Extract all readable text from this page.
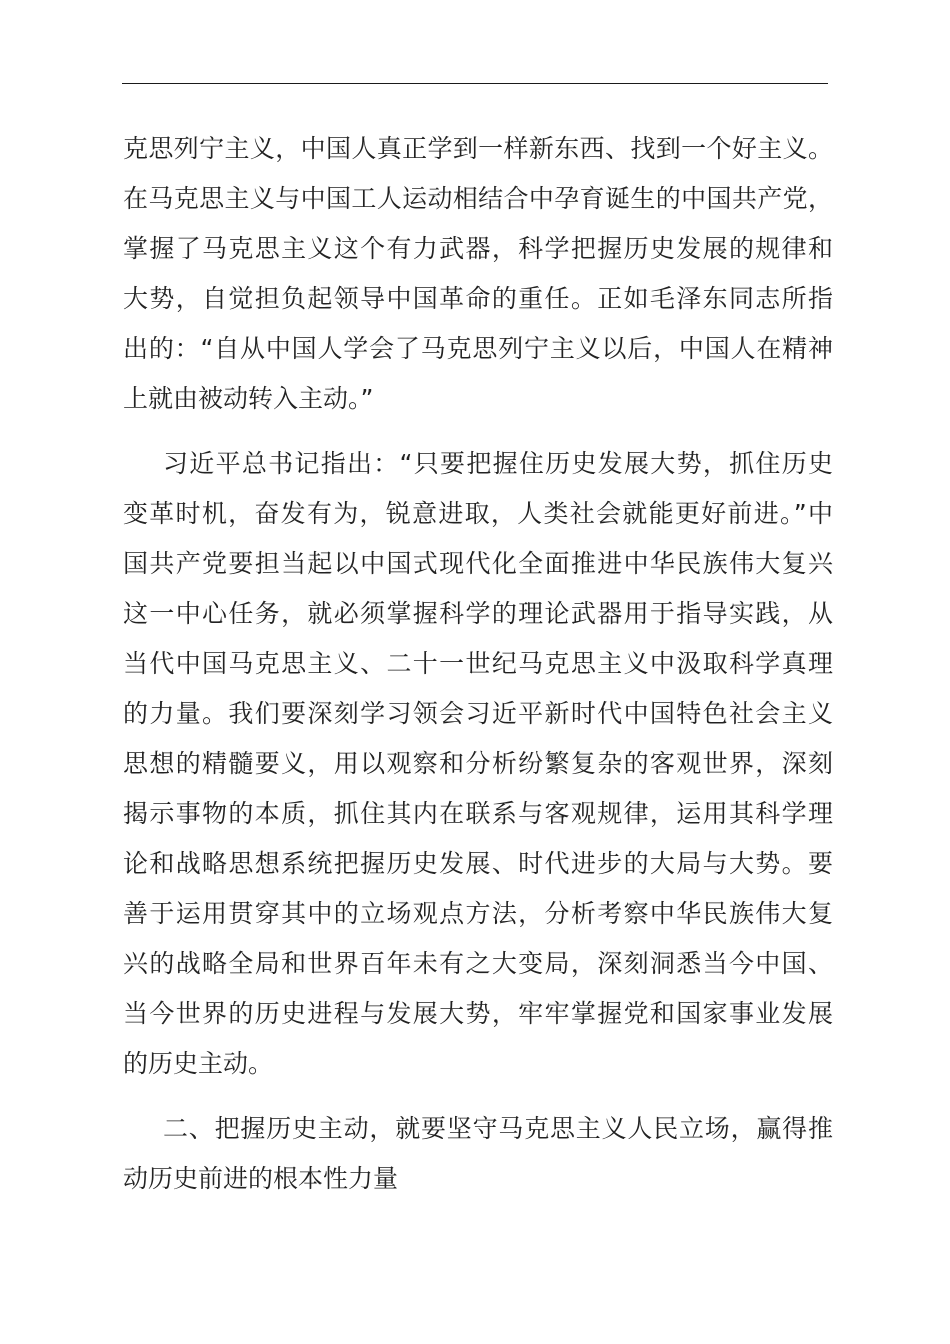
克思列宁主义，中国人真正学到一样新东西、找到一个好主义。
在马克思主义与中国工人运动相结合中孕育诞生的中国共产党，
掌握了马克思主义这个有力武器，科学把握历史发展的规律和
大势，自觉担负起领导中国革命的重任。正如毛泽东同志所指
出的：“自从中国人学会了马克思列宁主义以后，中国人在精神
上就由被动转入主动。”
习近平总书记指出：“只要把握住历史发展大势，抓住历史
变革时机，奋发有为，锐意进取，人类社会就能更好前进。”中
国共产党要担当起以中国式现代化全面推进中华民族伟大复兴
这一中心任务，就必须掌握科学的理论武器用于指导实践，从
当代中国马克思主义、二十一世纪马克思主义中汲取科学真理
的力量。我们要深刻学习领会习近平新时代中国特色社会主义
思想的精髓要义，用以观察和分析纷繁复杂的客观世界，深刻
揭示事物的本质，抓住其内在联系与客观规律，运用其科学理
论和战略思想系统把握历史发展、时代进步的大局与大势。要
善于运用贯穿其中的立场观点方法，分析考察中华民族伟大复
兴的战略全局和世界百年未有之大变局，深刻洞悉当今中国、
当今世界的历史进程与发展大势，牢牢掌握党和国家事业发展
的历史主动。
二、把握历史主动，就要坚守马克思主义人民立场，赢得推
动历史前进的根本性力量
